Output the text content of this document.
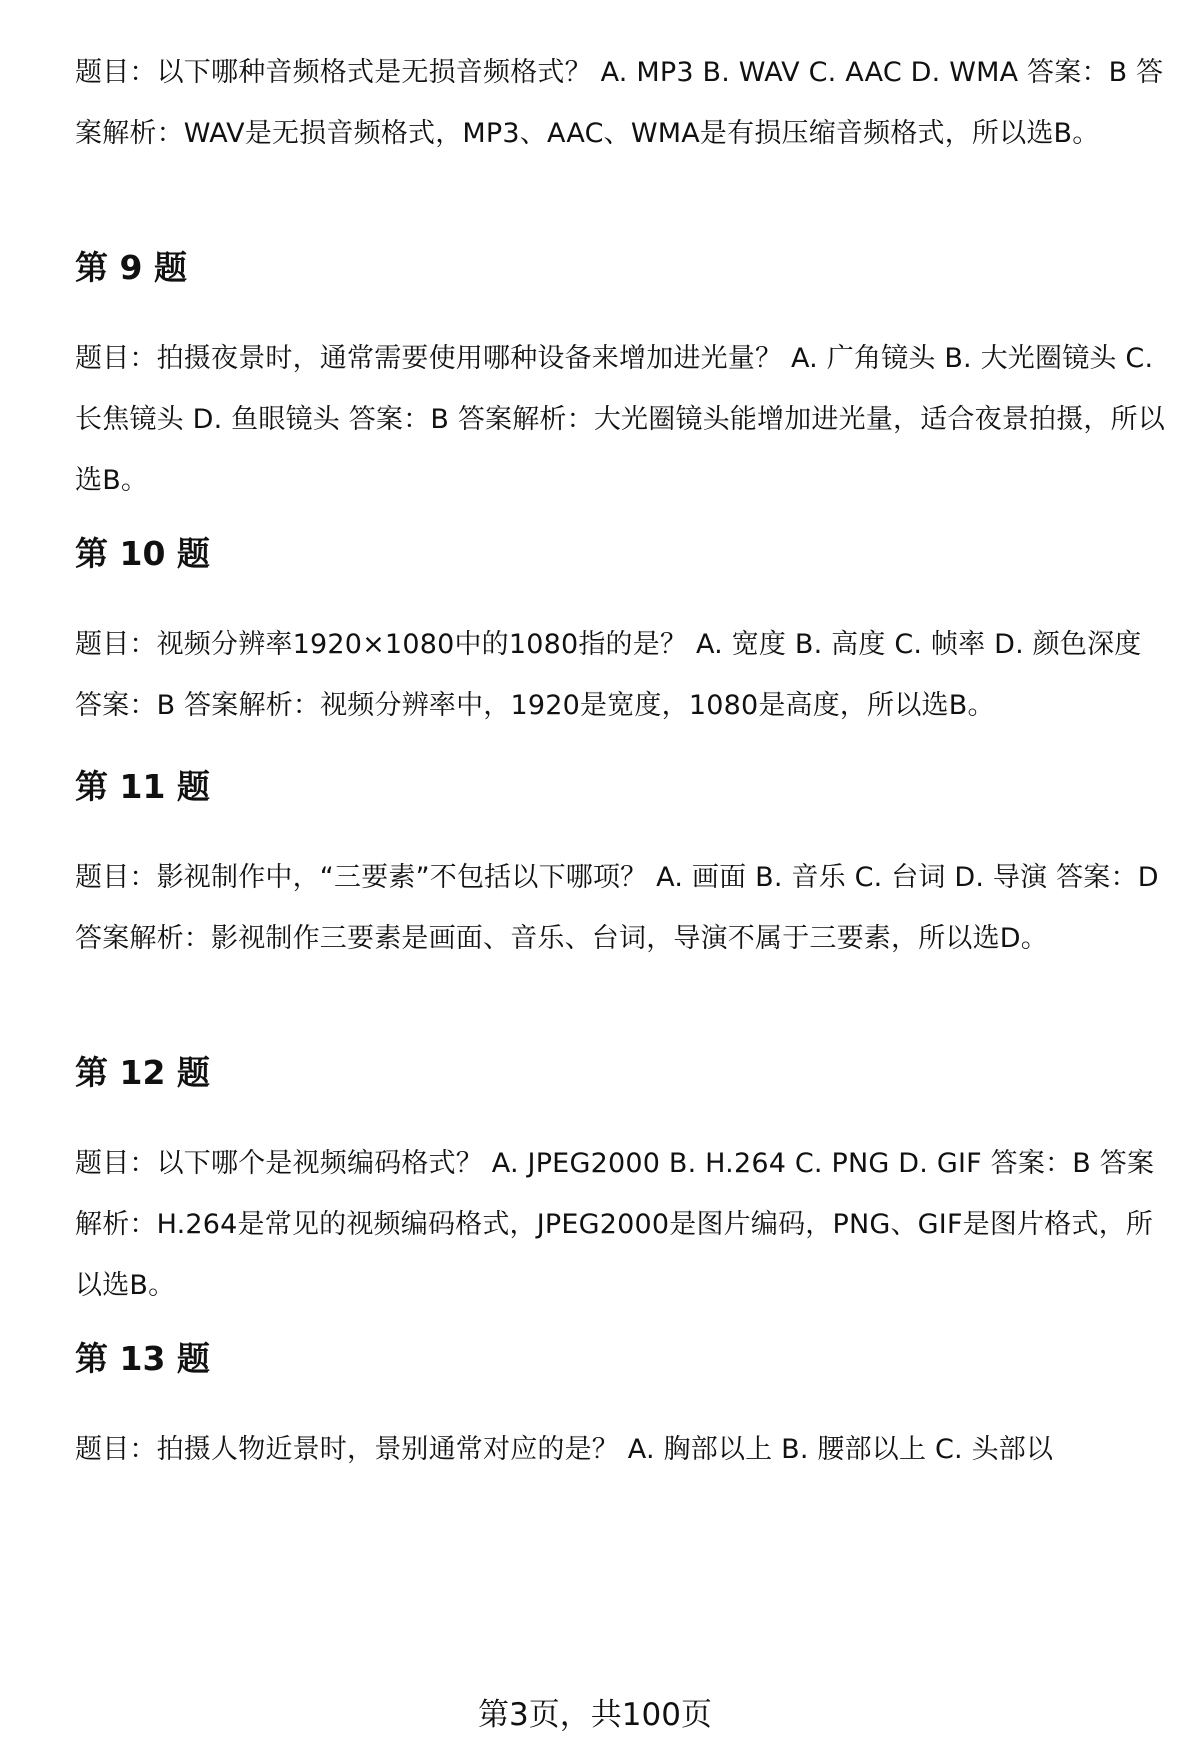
题目：以下哪种音频格式是无损音频格式？ A. MP3 B. WAV C. AAC D. WMA 答案：B 答案解析：WAV是无损音频格式，MP3、AAC、WMA是有损压缩音频格式，所以选B。

第 9 题

题目：拍摄夜景时，通常需要使用哪种设备来增加进光量？ A. 广角镜头 B. 大光圈镜头 C. 长焦镜头 D. 鱼眼镜头 答案：B 答案解析：大光圈镜头能增加进光量，适合夜景拍摄，所以选B。

第 10 题

题目：视频分辨率1920×1080中的1080指的是？ A. 宽度 B. 高度 C. 帧率 D. 颜色深度 答案：B 答案解析：视频分辨率中，1920是宽度，1080是高度，所以选B。

第 11 题

题目：影视制作中，“三要素”不包括以下哪项？ A. 画面 B. 音乐 C. 台词 D. 导演 答案：D 答案解析：影视制作三要素是画面、音乐、台词，导演不属于三要素，所以选D。

第 12 题

题目：以下哪个是视频编码格式？ A. JPEG2000 B. H.264 C. PNG D. GIF 答案：B 答案解析：H.264是常见的视频编码格式，JPEG2000是图片编码，PNG、GIF是图片格式，所以选B。

第 13 题

题目：拍摄人物近景时，景别通常对应的是？ A. 胸部以上 B. 腰部以上 C. 头部以

第3页，共100页
